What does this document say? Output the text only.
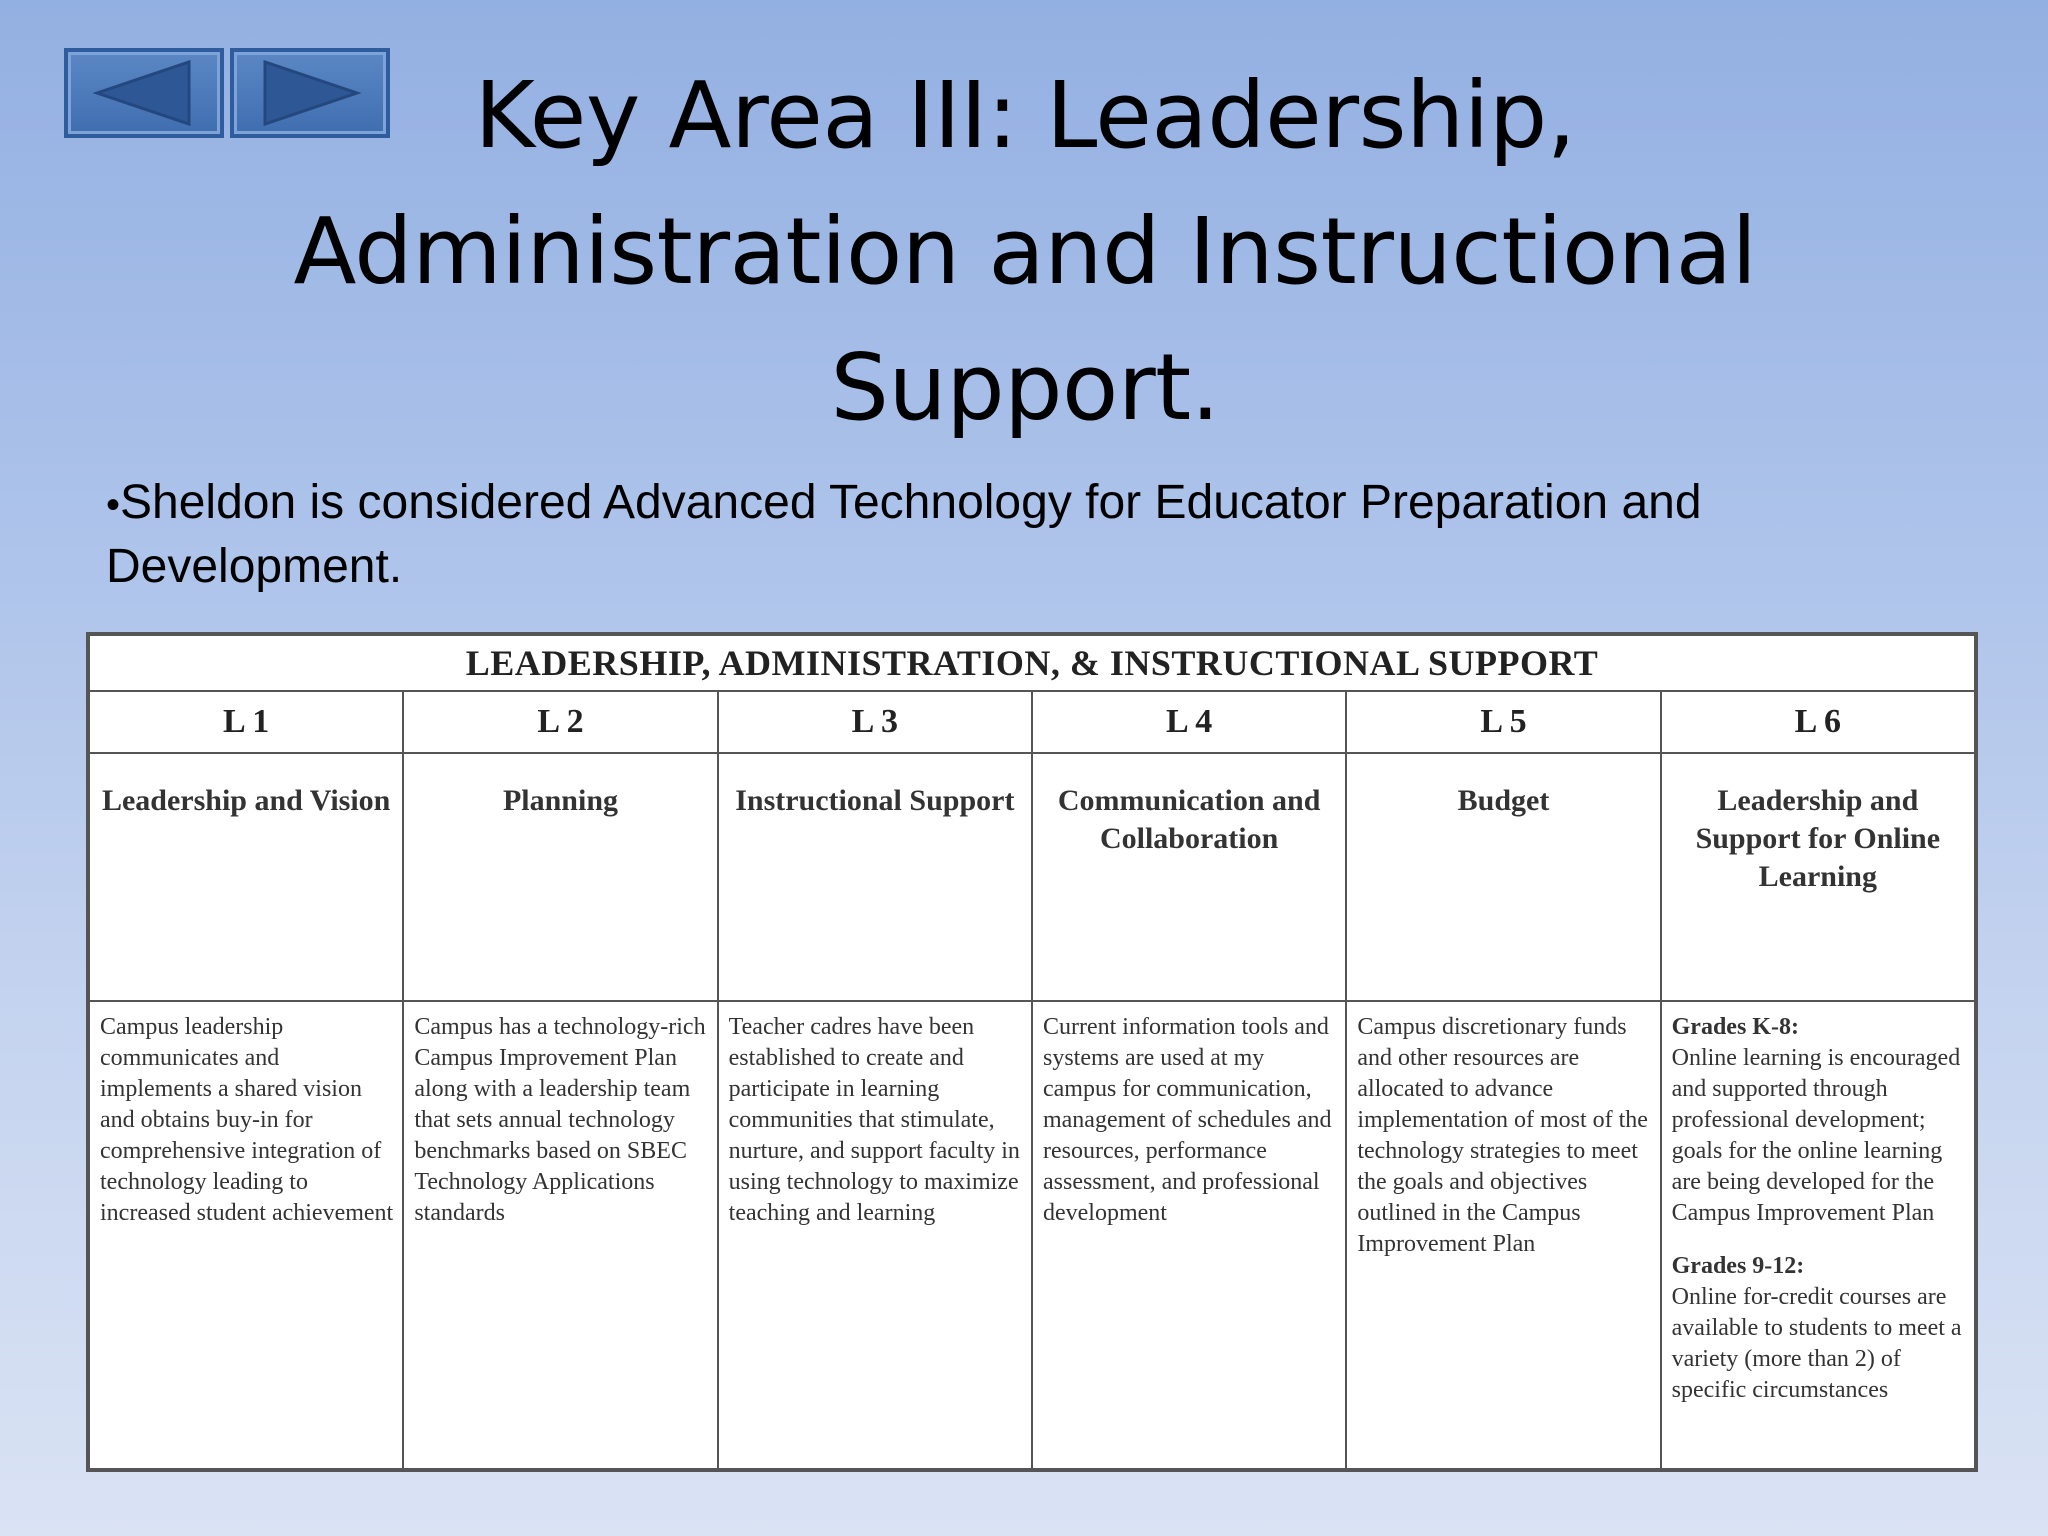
Key Area III: Leadership, Administration and Instructional Support.

•Sheldon is considered Advanced Technology for Educator Preparation and Development.

LEADERSHIP, ADMINISTRATION, & INSTRUCTIONAL SUPPORT					
L 1	L 2	L 3	L 4	L 5	L 6

Leadership and Vision	Planning	Instructional Support	Communication and Collaboration	Budget	Leadership and Support for Online Learning

Campus leadership communicates and implements a shared vision and obtains buy-in for comprehensive integration of technology leading to increased student achievement	Campus has a technology-rich Campus Improvement Plan along with a leadership team that sets annual technology benchmarks based on SBEC Technology Applications standards	Teacher cadres have been established to create and participate in learning communities that stimulate, nurture, and support faculty in using technology to maximize teaching and learning	Current information tools and systems are used at my campus for communication, management of schedules and resources, performance assessment, and professional development	Campus discretionary funds and other resources are allocated to advance implementation of most of the technology strategies to meet the goals and objectives outlined in the Campus Improvement Plan	Grades K-8:
Online learning is encouraged and supported through professional development; goals for the online learning are being developed for the Campus Improvement Plan
Grades 9-12:
Online for-credit courses are available to students to meet a variety (more than 2) of specific circumstances
